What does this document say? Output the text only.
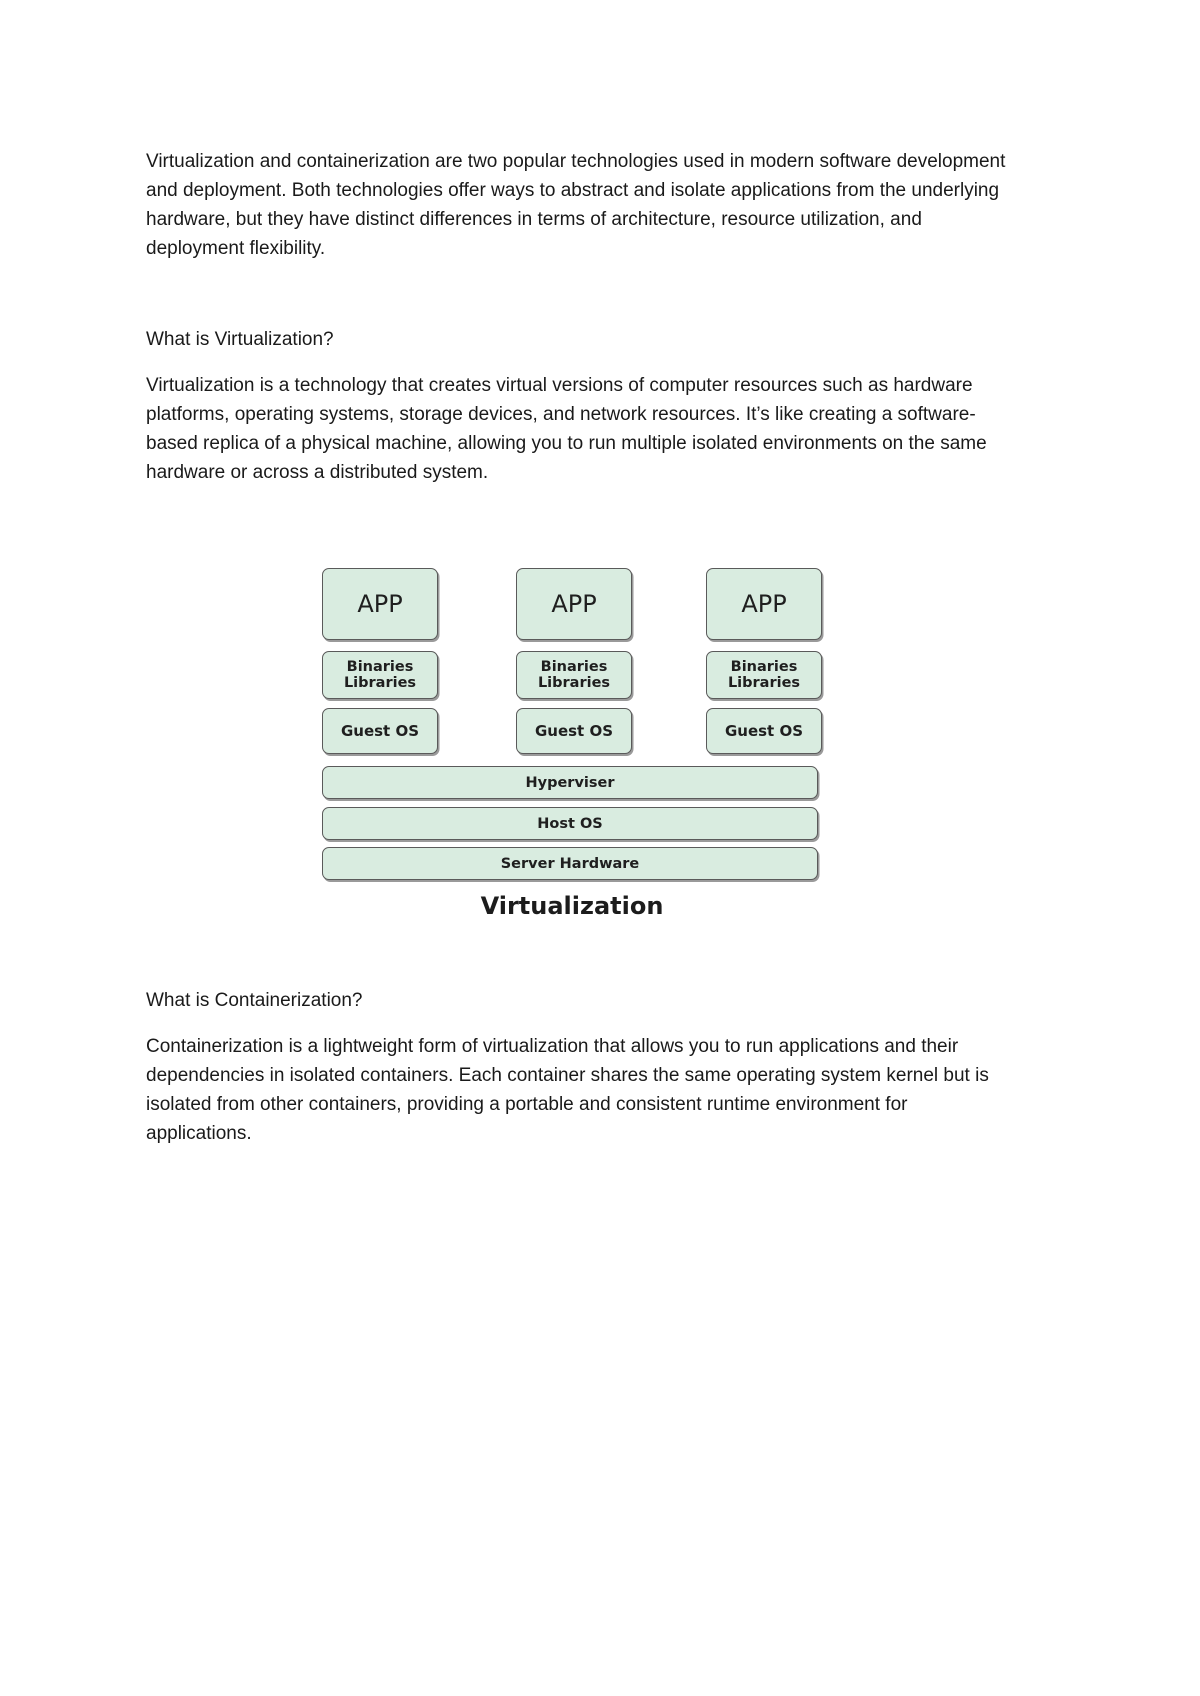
Virtualization and containerization are two popular technologies used in modern software development and deployment. Both technologies offer ways to abstract and isolate applications from the underlying hardware, but they have distinct differences in terms of architecture, resource utilization, and deployment flexibility.

What is Virtualization?

Virtualization is a technology that creates virtual versions of computer resources such as hardware platforms, operating systems, storage devices, and network resources. It’s like creating a software-based replica of a physical machine, allowing you to run multiple isolated environments on the same hardware or across a distributed system.

APP
Binaries
Libraries
Guest OS
APP
Binaries
Libraries
Guest OS
APP
Binaries
Libraries
Guest OS
Hyperviser
Host OS
Server Hardware
Virtualization

What is Containerization?

Containerization is a lightweight form of virtualization that allows you to run applications and their dependencies in isolated containers. Each container shares the same operating system kernel but is isolated from other containers, providing a portable and consistent runtime environment for applications.
